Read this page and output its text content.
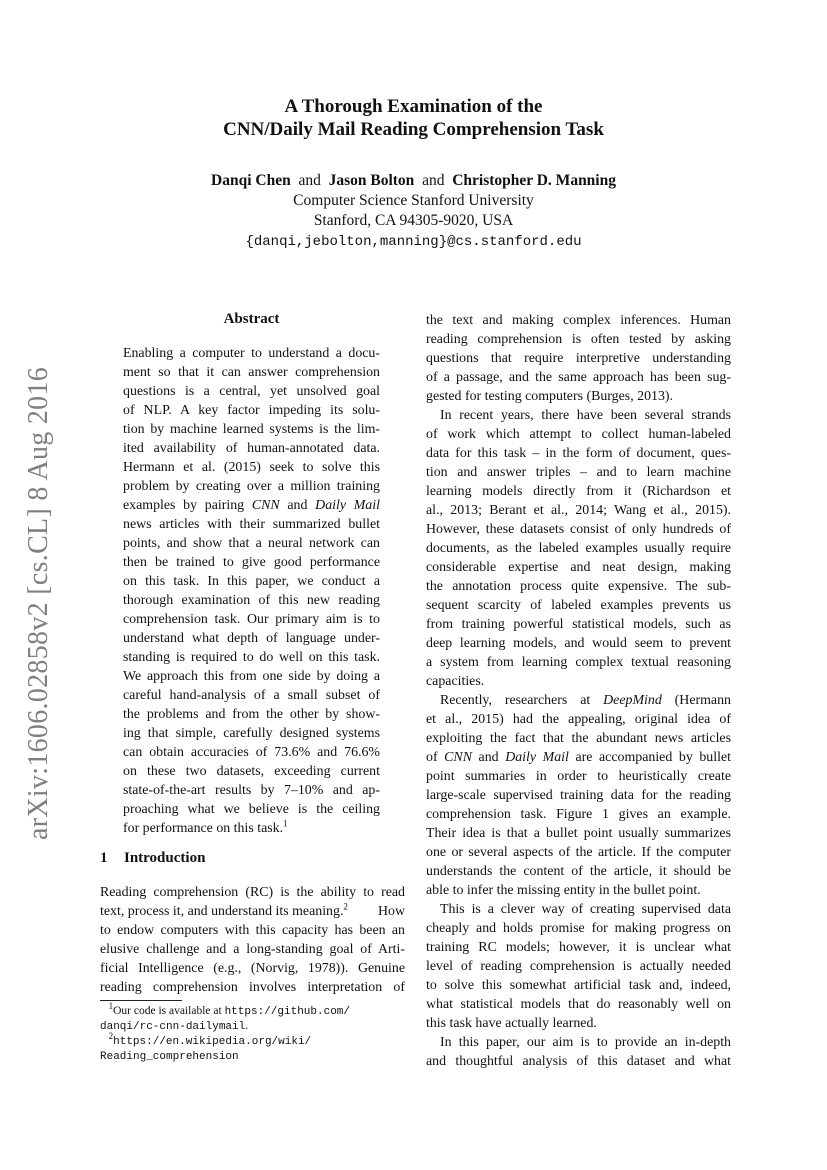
arXiv:1606.02858v2 [cs.CL] 8 Aug 2016
A Thorough Examination of the
CNN/Daily Mail Reading Comprehension Task
Danqi Chen and Jason Bolton and Christopher D. Manning
Computer Science Stanford University
Stanford, CA 94305-9020, USA
{danqi,jebolton,manning}@cs.stanford.edu
Abstract
Enabling a computer to understand a docu-
ment so that it can answer comprehension
questions is a central, yet unsolved goal
of NLP. A key factor impeding its solu-
tion by machine learned systems is the lim-
ited availability of human-annotated data.
Hermann et al. (2015) seek to solve this
problem by creating over a million training
examples by pairing CNN and Daily Mail
news articles with their summarized bullet
points, and show that a neural network can
then be trained to give good performance
on this task. In this paper, we conduct a
thorough examination of this new reading
comprehension task. Our primary aim is to
understand what depth of language under-
standing is required to do well on this task.
We approach this from one side by doing a
careful hand-analysis of a small subset of
the problems and from the other by show-
ing that simple, carefully designed systems
can obtain accuracies of 73.6% and 76.6%
on these two datasets, exceeding current
state-of-the-art results by 7–10% and ap-
proaching what we believe is the ceiling
for performance on this task.$^1$
1 Introduction
Reading comprehension (RC) is the ability to read
text, process it, and understand its meaning.$^2$ How
to endow computers with this capacity has been an
elusive challenge and a long-standing goal of Arti-
ficial Intelligence (e.g., (Norvig, 1978)). Genuine
reading comprehension involves interpretation of
$^1$Our code is available at https://github.com/
danqi/rc-cnn-dailymail.
$^2$https://en.wikipedia.org/wiki/
Reading_comprehension
the text and making complex inferences. Human
reading comprehension is often tested by asking
questions that require interpretive understanding
of a passage, and the same approach has been sug-
gested for testing computers (Burges, 2013).
In recent years, there have been several strands
of work which attempt to collect human-labeled
data for this task – in the form of document, ques-
tion and answer triples – and to learn machine
learning models directly from it (Richardson et
al., 2013; Berant et al., 2014; Wang et al., 2015).
However, these datasets consist of only hundreds of
documents, as the labeled examples usually require
considerable expertise and neat design, making
the annotation process quite expensive. The sub-
sequent scarcity of labeled examples prevents us
from training powerful statistical models, such as
deep learning models, and would seem to prevent
a system from learning complex textual reasoning
capacities.
Recently, researchers at DeepMind (Hermann
et al., 2015) had the appealing, original idea of
exploiting the fact that the abundant news articles
of CNN and Daily Mail are accompanied by bullet
point summaries in order to heuristically create
large-scale supervised training data for the reading
comprehension task. Figure 1 gives an example.
Their idea is that a bullet point usually summarizes
one or several aspects of the article. If the computer
understands the content of the article, it should be
able to infer the missing entity in the bullet point.
This is a clever way of creating supervised data
cheaply and holds promise for making progress on
training RC models; however, it is unclear what
level of reading comprehension is actually needed
to solve this somewhat artificial task and, indeed,
what statistical models that do reasonably well on
this task have actually learned.
In this paper, our aim is to provide an in-depth
and thoughtful analysis of this dataset and what
